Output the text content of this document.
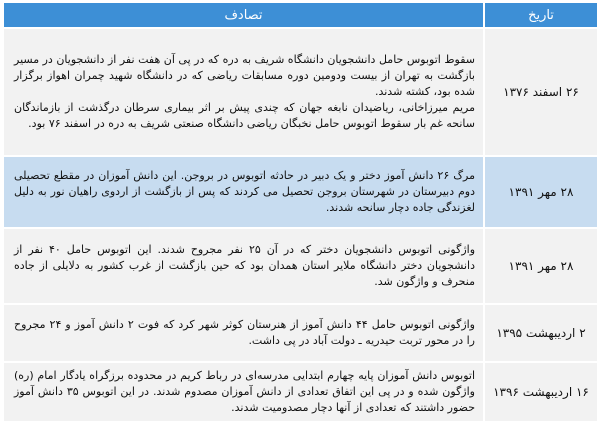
تاریخ	تصادف
۲۶ اسفند ۱۳۷۶	سقوط اتوبوس حامل دانشجویان دانشگاه شریف به دره که در پی آن هفت نفر از دانشجویان در مسیر بازگشت به تهران از بیست ودومین دوره مسابقات ریاضی که در دانشگاه شهید چمران اهواز برگزار شده بود، کشته شدند.
مریم میرزاخانی، ریاضیدان نابغه جهان که چندی پیش بر اثر بیماری سرطان درگذشت از بازماندگان سانحه غم بار سقوط اتوبوس حامل نخبگان ریاضی دانشگاه صنعتی شریف به دره در اسفند ۷۶ بود.

۲۸ مهر ۱۳۹۱	مرگ ۲۶ دانش آموز دختر و یک دبیر در حادثه اتوبوس در بروجن. این دانش آموزان در مقطع تحصیلی دوم دبیرستان در شهرستان بروجن تحصیل می کردند که پس از بازگشت از اردوی راهیان نور به دلیل لغزندگی جاده دچار سانحه شدند.
۲۸ مهر ۱۳۹۱	واژگونی اتوبوس دانشجویان دختر که در آن ۲۵ نفر مجروح شدند. این اتوبوس حامل ۴۰ نفر از دانشجویان دختر دانشگاه ملایر استان همدان بود که حین بازگشت از غرب کشور به دلایلی از جاده منحرف و واژگون شد.
۲ اردیبهشت ۱۳۹۵	واژگونی اتوبوس حامل ۴۴ دانش آموز از هنرستان کوثر شهر کرد که فوت ۲ دانش آموز و ۲۴ مجروح را در محور تربت حیدریه ـ دولت آباد در پی داشت.
۱۶ اردیبهشت ۱۳۹۶	اتوبوس دانش آموزان پایه چهارم ابتدایی مدرسه‌ای در رباط کریم در محدوده برزگراه یادگار امام (ره) واژگون شده و در پی این اتفاق تعدادی از دانش آموزان مصدوم شدند. در این اتوبوس ۳۵ دانش آموز حضور داشتند که تعدادی از آنها دچار مصدومیت شدند.
